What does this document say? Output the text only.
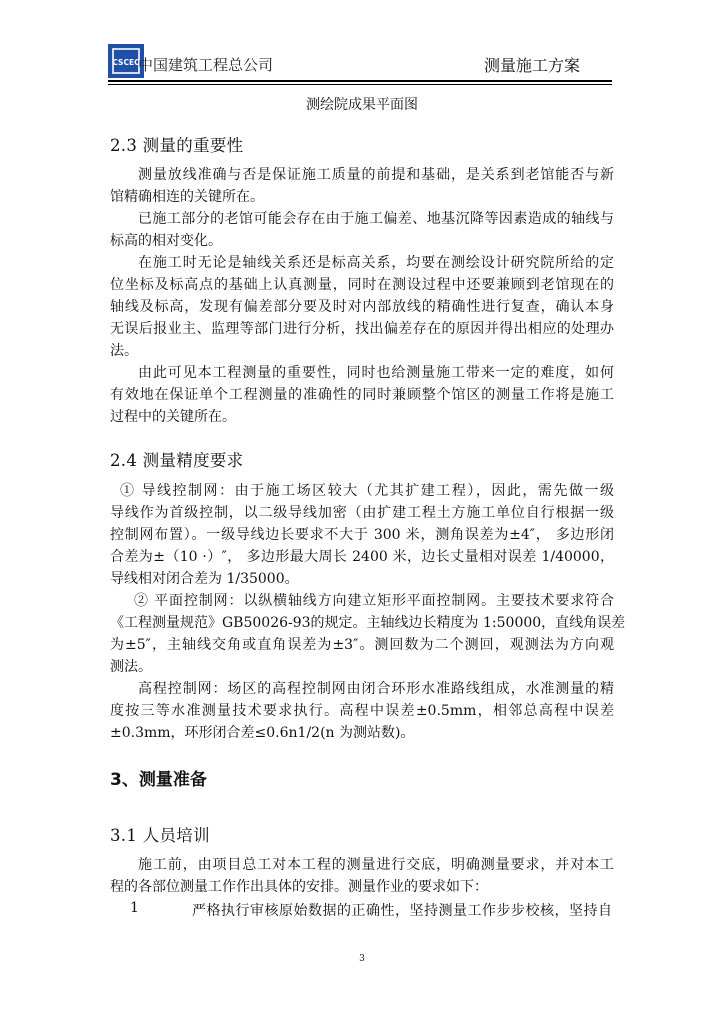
CSCEC
中国建筑工程总公司	测量施工方案
测绘院成果平面图
2.3 测量的重要性
测量放线准确与否是保证施工质量的前提和基础，是关系到老馆能否与新
馆精确相连的关键所在。
已施工部分的老馆可能会存在由于施工偏差、地基沉降等因素造成的轴线与
标高的相对变化。
在施工时无论是轴线关系还是标高关系，均要在测绘设计研究院所给的定
位坐标及标高点的基础上认真测量，同时在测设过程中还要兼顾到老馆现在的
轴线及标高，发现有偏差部分要及时对内部放线的精确性进行复查，确认本身
无误后报业主、监理等部门进行分析，找出偏差存在的原因并得出相应的处理办
法。
由此可见本工程测量的重要性，同时也给测量施工带来一定的难度，如何
有效地在保证单个工程测量的准确性的同时兼顾整个馆区的测量工作将是施工
过程中的关键所在。
2.4 测量精度要求
① 导线控制网：由于施工场区较大（尤其扩建工程），因此，需先做一级
导线作为首级控制，以二级导线加密（由扩建工程土方施工单位自行根据一级
控制网布置）。一级导线边长要求不大于 300 米，测角误差为±4″， 多边形闭
合差为±（10 ·）″， 多边形最大周长 2400 米，边长丈量相对误差 1/40000，
导线相对闭合差为 1/35000。
② 平面控制网：以纵横轴线方向建立矩形平面控制网。主要技术要求符合
《工程测量规范》GB50026-93的规定。主轴线边长精度为 1:50000，直线角误差
为±5″，主轴线交角或直角误差为±3″。测回数为二个测回，观测法为方向观
测法。
高程控制网：场区的高程控制网由闭合环形水准路线组成，水准测量的精
度按三等水准测量技术要求执行。高程中误差±0.5mm，相邻总高程中误差
±0.3mm，环形闭合差≤0.6n1/2(n 为测站数)。
3、测量准备
3.1 人员培训
施工前，由项目总工对本工程的测量进行交底，明确测量要求，并对本工
程的各部位测量工作作出具体的安排。测量作业的要求如下：
1	严格执行审核原始数据的正确性，坚持测量工作步步校核，坚持自
3
